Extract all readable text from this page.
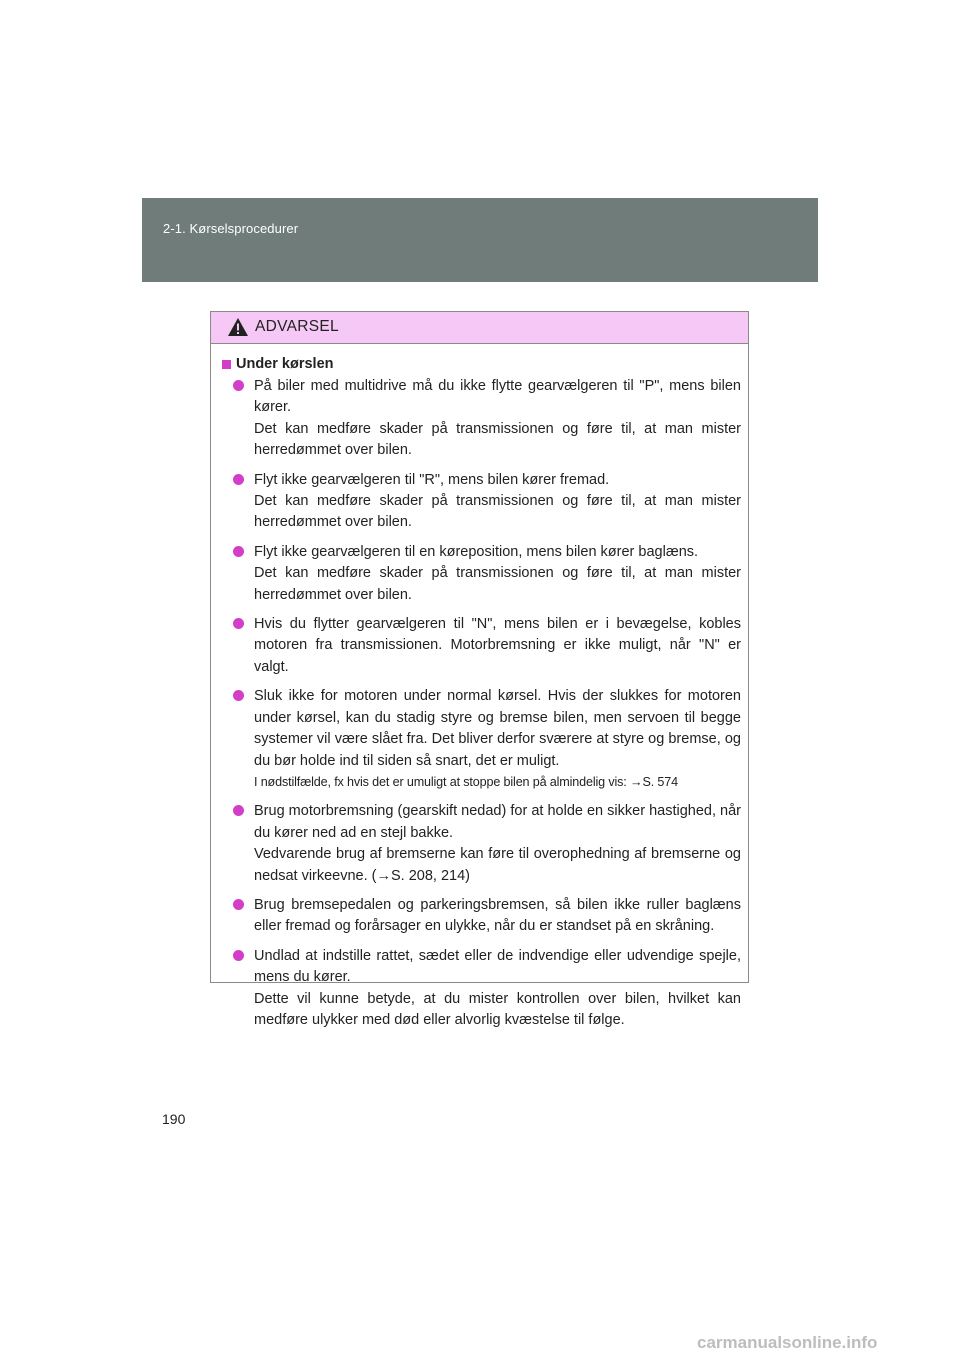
2-1. Kørselsprocedurer
ADVARSEL
Under kørslen

På biler med multidrive må du ikke flytte gearvælgeren til "P", mens bilen kører.

Det kan medføre skader på transmissionen og føre til, at man mister herredømmet over bilen.

Flyt ikke gearvælgeren til "R", mens bilen kører fremad.

Det kan medføre skader på transmissionen og føre til, at man mister herredømmet over bilen.

Flyt ikke gearvælgeren til en køreposition, mens bilen kører baglæns.

Det kan medføre skader på transmissionen og føre til, at man mister herredømmet over bilen.

Hvis du flytter gearvælgeren til "N", mens bilen er i bevægelse, kobles motoren fra transmissionen. Motorbremsning er ikke muligt, når "N" er valgt.

Sluk ikke for motoren under normal kørsel. Hvis der slukkes for motoren under kørsel, kan du stadig styre og bremse bilen, men servoen til begge systemer vil være slået fra. Det bliver derfor sværere at styre og bremse, og du bør holde ind til siden så snart, det er muligt.

I nødstilfælde, fx hvis det er umuligt at stoppe bilen på almindelig vis: →S. 574

Brug motorbremsning (gearskift nedad) for at holde en sikker hastighed, når du kører ned ad en stejl bakke.

Vedvarende brug af bremserne kan føre til overophedning af bremserne og nedsat virkeevne. (→S. 208, 214)

Brug bremsepedalen og parkeringsbremsen, så bilen ikke ruller baglæns eller fremad og forårsager en ulykke, når du er standset på en skråning.

Undlad at indstille rattet, sædet eller de indvendige eller udvendige spejle, mens du kører.

Dette vil kunne betyde, at du mister kontrollen over bilen, hvilket kan medføre ulykker med død eller alvorlig kvæstelse til følge.

190
carmanualsonline.info
